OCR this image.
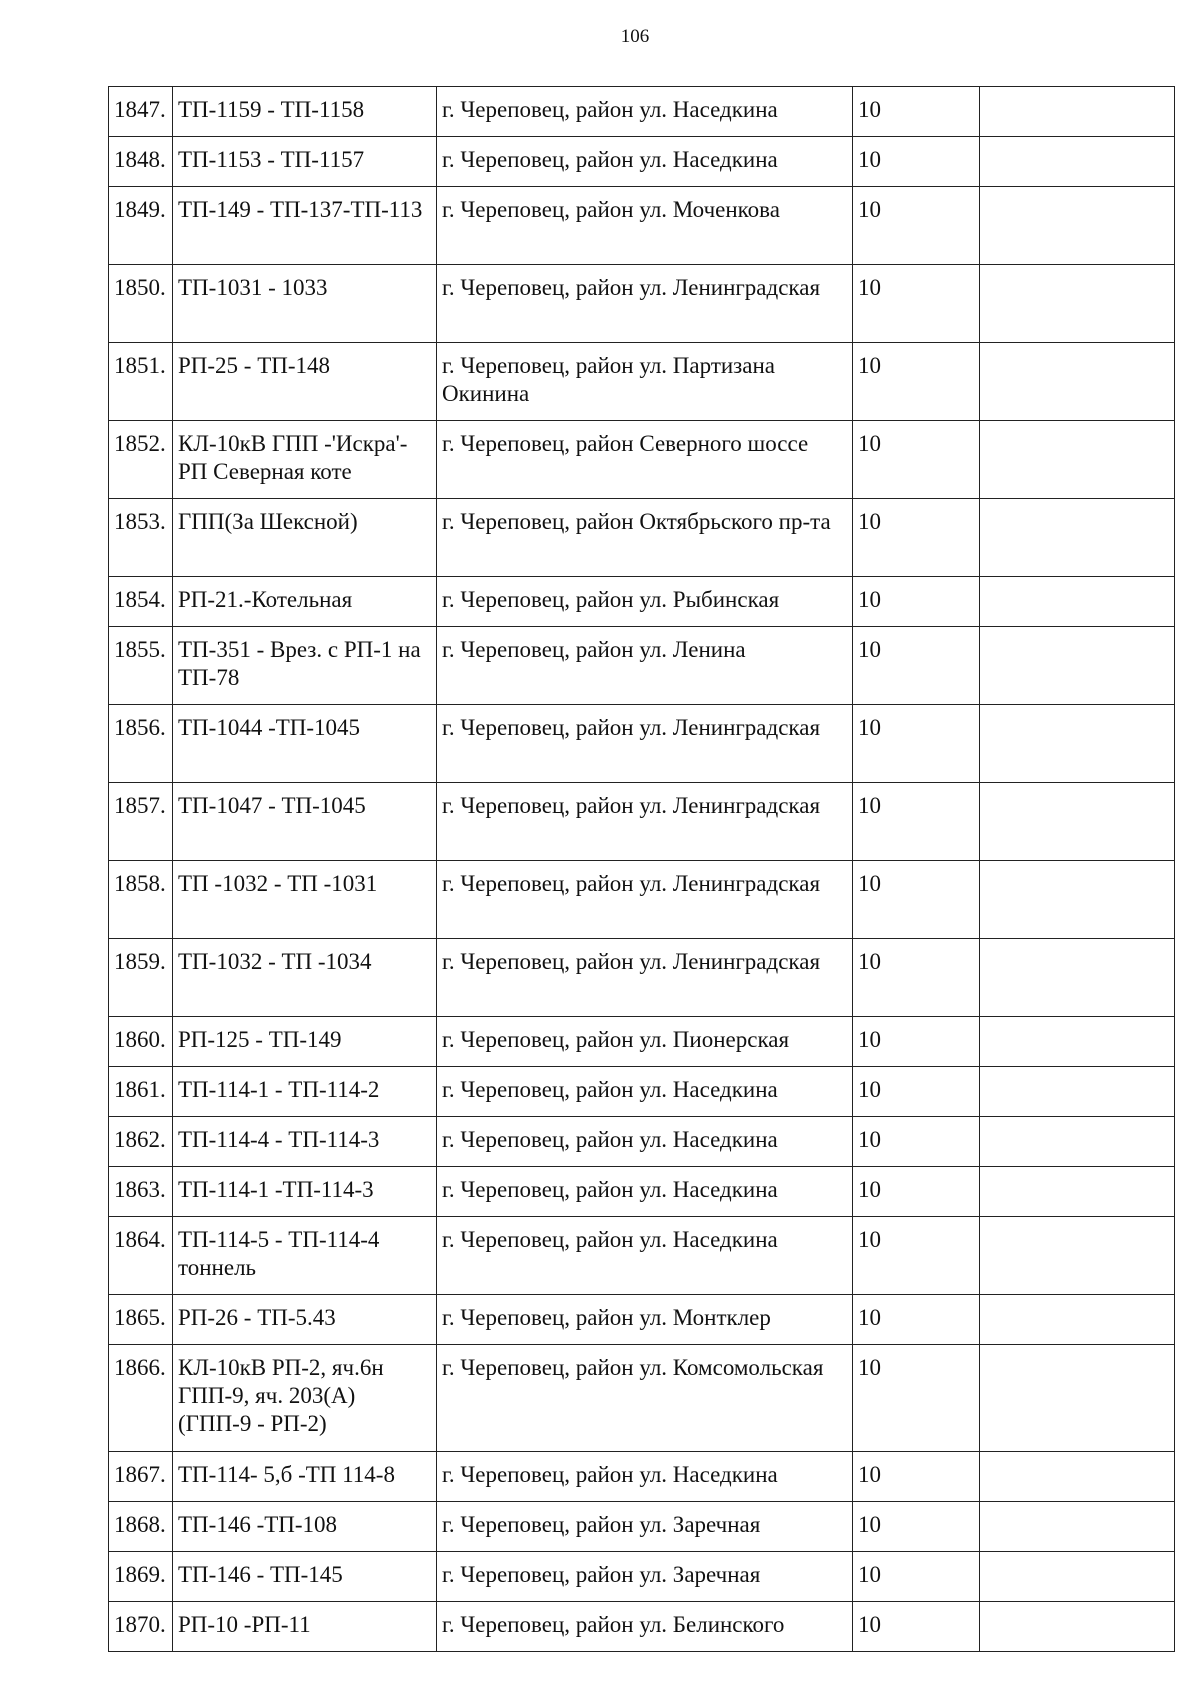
106
1847.	ТП-1159 - ТП-1158	г. Череповец, район ул. Наседкина	10	
1848.	ТП-1153 - ТП-1157	г. Череповец, район ул. Наседкина	10	
1849.	ТП-149 - ТП-137-ТП-113	г. Череповец, район ул. Моченкова	10	
1850.	ТП-1031 - 1033	г. Череповец, район ул. Ленинградская	10	
1851.	РП-25 - ТП-148	г. Череповец, район ул. Партизана Окинина	10	
1852.	КЛ-10кВ ГПП -'Искра'-РП Северная коте	г. Череповец, район Северного шоссе	10	
1853.	ГПП(За Шексной)	г. Череповец, район Октябрьского пр-та	10	
1854.	РП-21.-Котельная	г. Череповец, район ул. Рыбинская	10	
1855.	ТП-351 - Врез. с РП-1 на ТП-78	г. Череповец, район ул. Ленина	10	
1856.	ТП-1044 -ТП-1045	г. Череповец, район ул. Ленинградская	10	
1857.	ТП-1047 - ТП-1045	г. Череповец, район ул. Ленинградская	10	
1858.	ТП -1032 - ТП -1031	г. Череповец, район ул. Ленинградская	10	
1859.	ТП-1032 - ТП -1034	г. Череповец, район ул. Ленинградская	10	
1860.	РП-125 - ТП-149	г. Череповец, район ул. Пионерская	10	
1861.	ТП-114-1 - ТП-114-2	г. Череповец, район ул. Наседкина	10	
1862.	ТП-114-4 - ТП-114-3	г. Череповец, район ул. Наседкина	10	
1863.	ТП-114-1 -ТП-114-3	г. Череповец, район ул. Наседкина	10	
1864.	ТП-114-5 - ТП-114-4 тоннель	г. Череповец, район ул. Наседкина	10	
1865.	РП-26 - ТП-5.43	г. Череповец, район ул. Монтклер	10	
1866.	КЛ-10кВ РП-2, яч.6н ГПП-9, яч. 203(А) (ГПП-9 - РП-2)	г. Череповец, район ул. Комсомольская	10	
1867.	ТП-114- 5,б -ТП 114-8	г. Череповец, район ул. Наседкина	10	
1868.	ТП-146 -ТП-108	г. Череповец, район ул. Заречная	10	
1869.	ТП-146 - ТП-145	г. Череповец, район ул. Заречная	10	
1870.	РП-10 -РП-11	г. Череповец, район ул. Белинского	10	
